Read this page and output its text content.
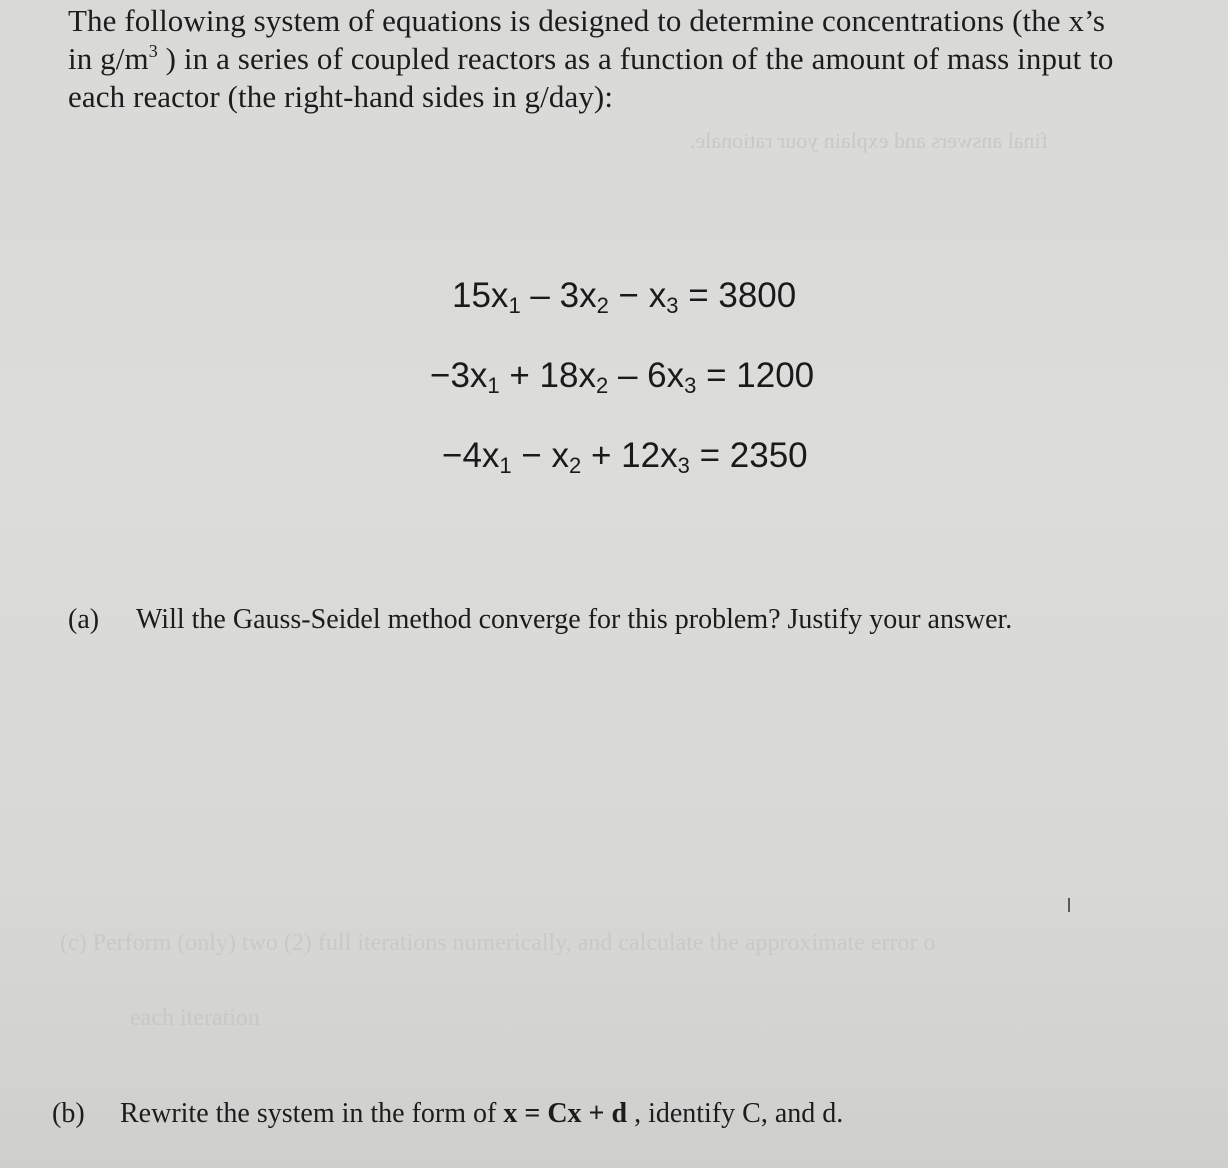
The following system of equations is designed to determine concentrations (the x’s
in $g/m^3$ ) in a series of coupled reactors as a function of the amount of mass input to
each reactor (the right-hand sides in g/day):
final answers and explain your rationale.
$15x_1 - 3x_2 - x_3 = 3800$
$-3x_1 + 18x_2 - 6x_3 = 1200$
$-4x_1 - x_2 + 12x_3 = 2350$
(a) Will the Gauss-Seidel method converge for this problem? Justify your answer.
(c) Perform (only) two (2) full iterations numerically, and calculate the approximate error o
each iteration
(b) Rewrite the system in the form of x = Cx + d , identify C, and d.
